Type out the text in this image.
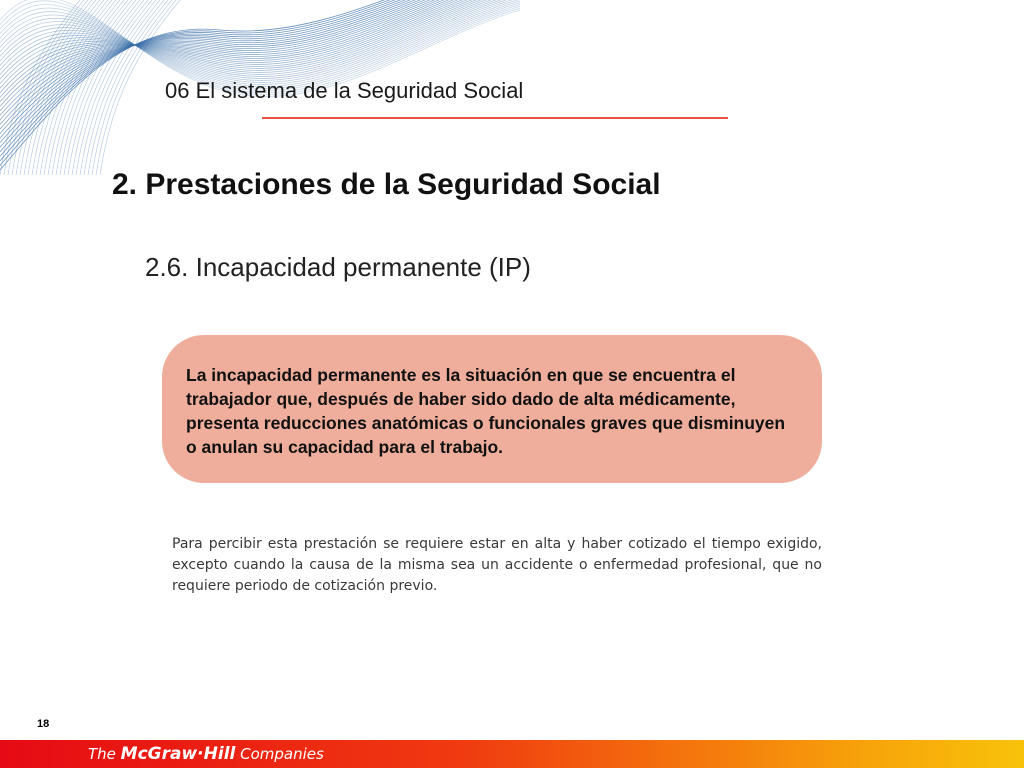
06 El sistema de la Seguridad Social
2. Prestaciones de la Seguridad Social
2.6. Incapacidad permanente (IP)
La incapacidad permanente es la situación en que se encuentra el trabajador que, después de haber sido dado de alta médicamente, presenta reducciones anatómicas o funcionales graves que disminuyen o anulan su capacidad para el trabajo.
Para percibir esta prestación se requiere estar en alta y haber cotizado el tiempo exigido, excepto cuando la causa de la misma sea un accidente o enfermedad profesional, que no requiere periodo de cotización previo.
18
The McGraw·Hill Companies
